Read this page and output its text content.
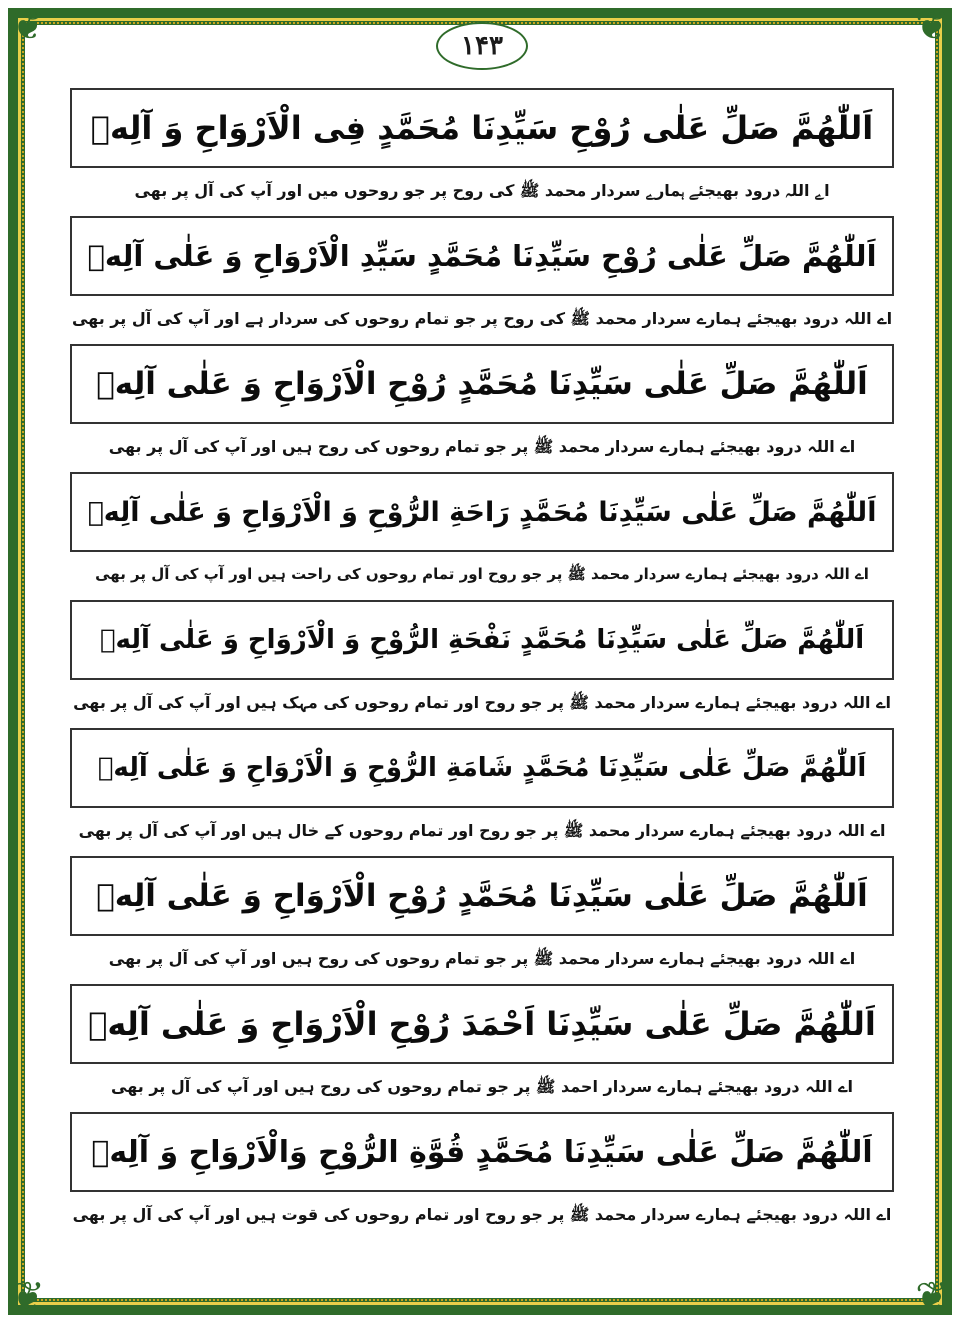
❦	❦
❦	❦
۱۴۳
اَللّٰهُمَّ صَلِّ عَلٰى رُوْحِ سَيِّدِنَا مُحَمَّدٍ فِى الْاَرْوَاحِ وَ آلِهٖ
اے اللہ درود بھیجئے ہمارے سردار محمد ﷺ کی روح پر جو روحوں میں اور آپ کی آل پر بھی
اَللّٰهُمَّ صَلِّ عَلٰى رُوْحِ سَيِّدِنَا مُحَمَّدٍ سَيِّدِ الْاَرْوَاحِ وَ عَلٰى آلِهٖ
اے اللہ درود بھیجئے ہمارے سردار محمد ﷺ کی روح پر جو تمام روحوں کی سردار ہے اور آپ کی آل پر بھی
اَللّٰهُمَّ صَلِّ عَلٰى سَيِّدِنَا مُحَمَّدٍ رُوْحِ الْاَرْوَاحِ وَ عَلٰى آلِهٖ
اے اللہ درود بھیجئے ہمارے سردار محمد ﷺ پر جو تمام روحوں کی روح ہیں اور آپ کی آل پر بھی
اَللّٰهُمَّ صَلِّ عَلٰى سَيِّدِنَا مُحَمَّدٍ رَاحَةِ الرُّوْحِ وَ الْاَرْوَاحِ وَ عَلٰى آلِهٖ
اے اللہ درود بھیجئے ہمارے سردار محمد ﷺ پر جو روح اور تمام روحوں کی راحت ہیں اور آپ کی آل پر بھی
اَللّٰهُمَّ صَلِّ عَلٰى سَيِّدِنَا مُحَمَّدٍ نَفْحَةِ الرُّوْحِ وَ الْاَرْوَاحِ وَ عَلٰى آلِهٖ
اے اللہ درود بھیجئے ہمارے سردار محمد ﷺ پر جو روح اور تمام روحوں کی مہک ہیں اور آپ کی آل پر بھی
اَللّٰهُمَّ صَلِّ عَلٰى سَيِّدِنَا مُحَمَّدٍ شَامَةِ الرُّوْحِ وَ الْاَرْوَاحِ وَ عَلٰى آلِهٖ
اے اللہ درود بھیجئے ہمارے سردار محمد ﷺ پر جو روح اور تمام روحوں کے خال ہیں اور آپ کی آل پر بھی
اَللّٰهُمَّ صَلِّ عَلٰى سَيِّدِنَا مُحَمَّدٍ رُوْحِ الْاَرْوَاحِ وَ عَلٰى آلِهٖ
اے اللہ درود بھیجئے ہمارے سردار محمد ﷺ پر جو تمام روحوں کی روح ہیں اور آپ کی آل پر بھی
اَللّٰهُمَّ صَلِّ عَلٰى سَيِّدِنَا اَحْمَدَ رُوْحِ الْاَرْوَاحِ وَ عَلٰى آلِهٖ
اے اللہ درود بھیجئے ہمارے سردار احمد ﷺ پر جو تمام روحوں کی روح ہیں اور آپ کی آل پر بھی
اَللّٰهُمَّ صَلِّ عَلٰى سَيِّدِنَا مُحَمَّدٍ قُوَّةِ الرُّوْحِ وَالْاَرْوَاحِ وَ آلِهٖ
اے اللہ درود بھیجئے ہمارے سردار محمد ﷺ پر جو روح اور تمام روحوں کی قوت ہیں اور آپ کی آل پر بھی
